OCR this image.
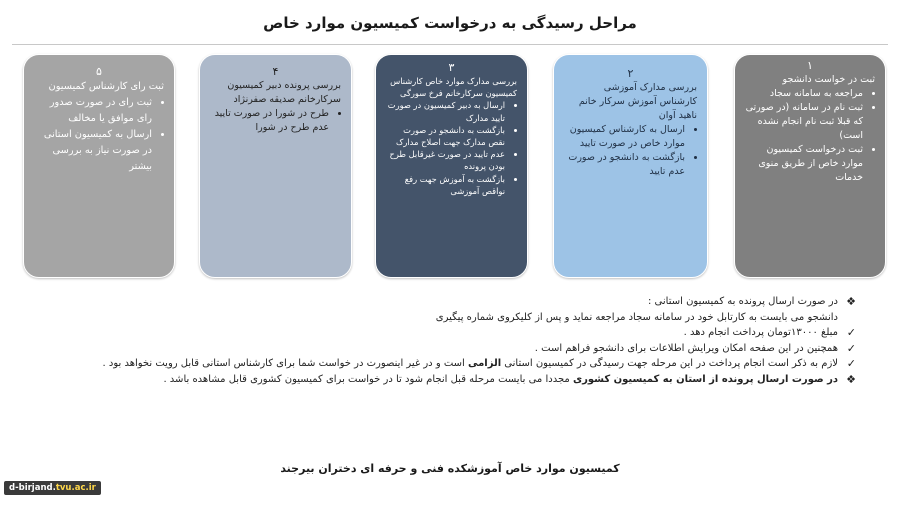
مراحل رسیدگی به درخواست کمیسیون موارد خاص
۱
ثبت در خواست دانشجو
• مراجعه به سامانه سجاد
• ثبت نام در سامانه (در صورتی که قبلا ثبت نام انجام نشده است)
• ثبت درخواست کمیسیون موارد خاص از طریق منوی خدمات
۲
بررسی مدارک آموزشی کارشناس آموزش سرکار خانم ناهید آوان
• ارسال به کارشناس کمیسیون موارد خاص در صورت تایید
• بازگشت به دانشجو در صورت عدم تایید
۳
بررسی مدارک موارد خاص کارشناس کمیسیون سرکارخانم فرخ سورگی
• ارسال به دبیر کمیسیون در صورت تایید مدارک
• بازگشت به دانشجو در صورت نقص مدارک جهت اصلاح مدارک
• عدم تایید در صورت غیرقابل طرح بودن پرونده
• بازگشت به آموزش جهت رفع نواقص آموزشی
۴
بررسی پرونده دبیر کمیسیون سرکارخانم صدیقه صفرنژاد
• طرح در شورا در صورت تایید عدم طرح در شورا
۵
ثبت رای کارشناس کمیسیون
• ثبت رای در صورت صدور رای موافق یا مخالف
• ارسال به کمیسیون استانی در صورت نیاز به بررسی بیشتر
❖
در صورت ارسال پرونده به کمیسیون استانی :
دانشجو می بایست به کارتابل خود در سامانه سجاد مراجعه نماید و پس از کلیکروی شماره پیگیری
✓
مبلغ ۱۳۰۰۰تومان پرداخت انجام دهد .
✓
همچنین در این صفحه امکان ویرایش اطلاعات برای دانشجو فراهم است .
✓
لازم به ذکر است انجام پرداخت در این مرحله جهت رسیدگی در کمیسیون استانی الزامی است و در غیر اینصورت در خواست شما برای کارشناس استانی قابل رویت نخواهد بود .
❖
در صورت ارسال پرونده از استان به کمیسیون کشوری مجددا می بایست مرحله قبل انجام شود تا در خواست برای کمیسیون کشوری قابل مشاهده باشد .
کمیسیون موارد خاص آموزشکده فنی و حرفه ای دختران بیرجند
d-birjand.tvu.ac.ir
